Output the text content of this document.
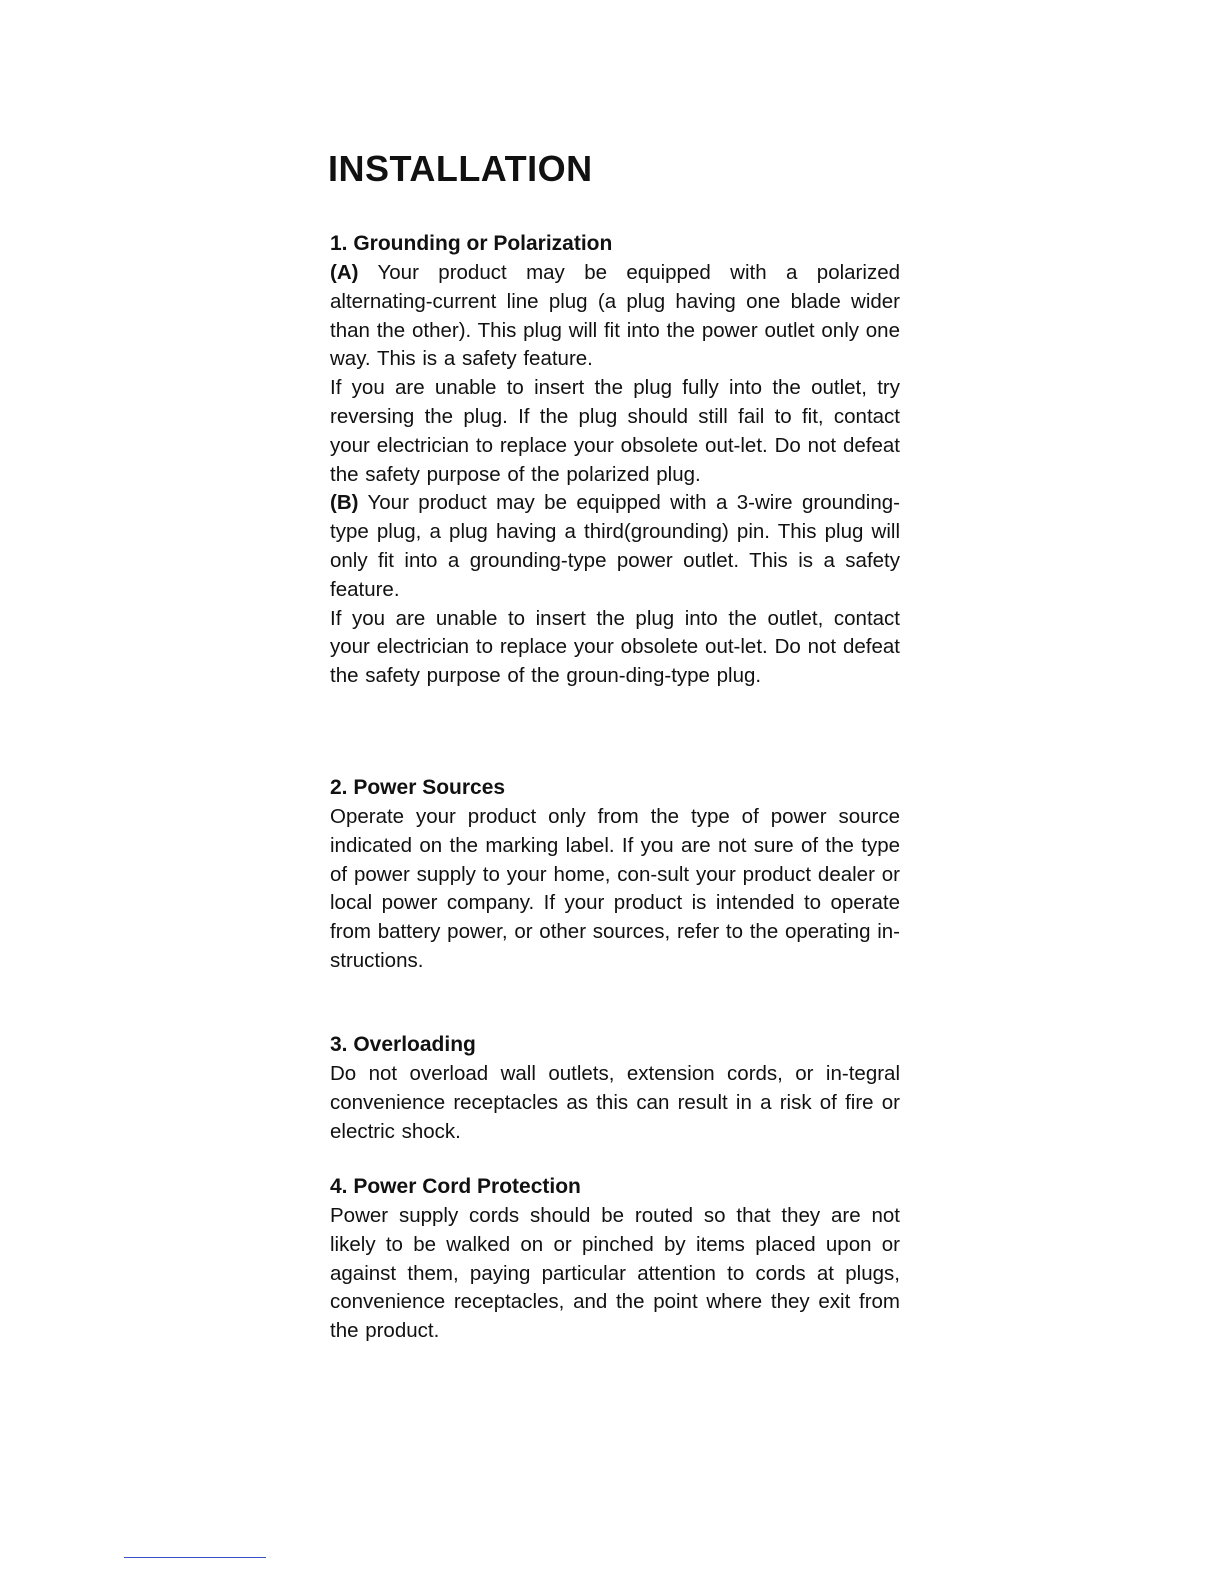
INSTALLATION
1. Grounding or Polarization

(A) Your product may be equipped with a polarized alternating-current line plug (a plug having one blade wider than the other). This plug will fit into the power outlet only one way. This is a safety feature.

If you are unable to insert the plug fully into the outlet, try reversing the plug. If the plug should still fail to fit, contact your electrician to replace your obsolete out-let. Do not defeat the safety purpose of the polarized plug.

(B) Your product may be equipped with a 3-wire grounding-type plug, a plug having a third(grounding) pin. This plug will only fit into a grounding-type power outlet. This is a safety feature.

If you are unable to insert the plug into the outlet, contact your electrician to replace your obsolete out-let. Do not defeat the safety purpose of the groun-ding-type plug.

2. Power Sources

Operate your product only from the type of power source indicated on the marking label. If you are not sure of the type of power supply to your home, con-sult your product dealer or local power company. If your product is intended to operate from battery power, or other sources, refer to the operating in-structions.

3. Overloading

Do not overload wall outlets, extension cords, or in-tegral convenience receptacles as this can result in a risk of fire or electric shock.

4. Power Cord Protection

Power supply cords should be routed so that they are not likely to be walked on or pinched by items placed upon or against them, paying particular attention to cords at plugs, convenience receptacles, and the point where they exit from the product.
